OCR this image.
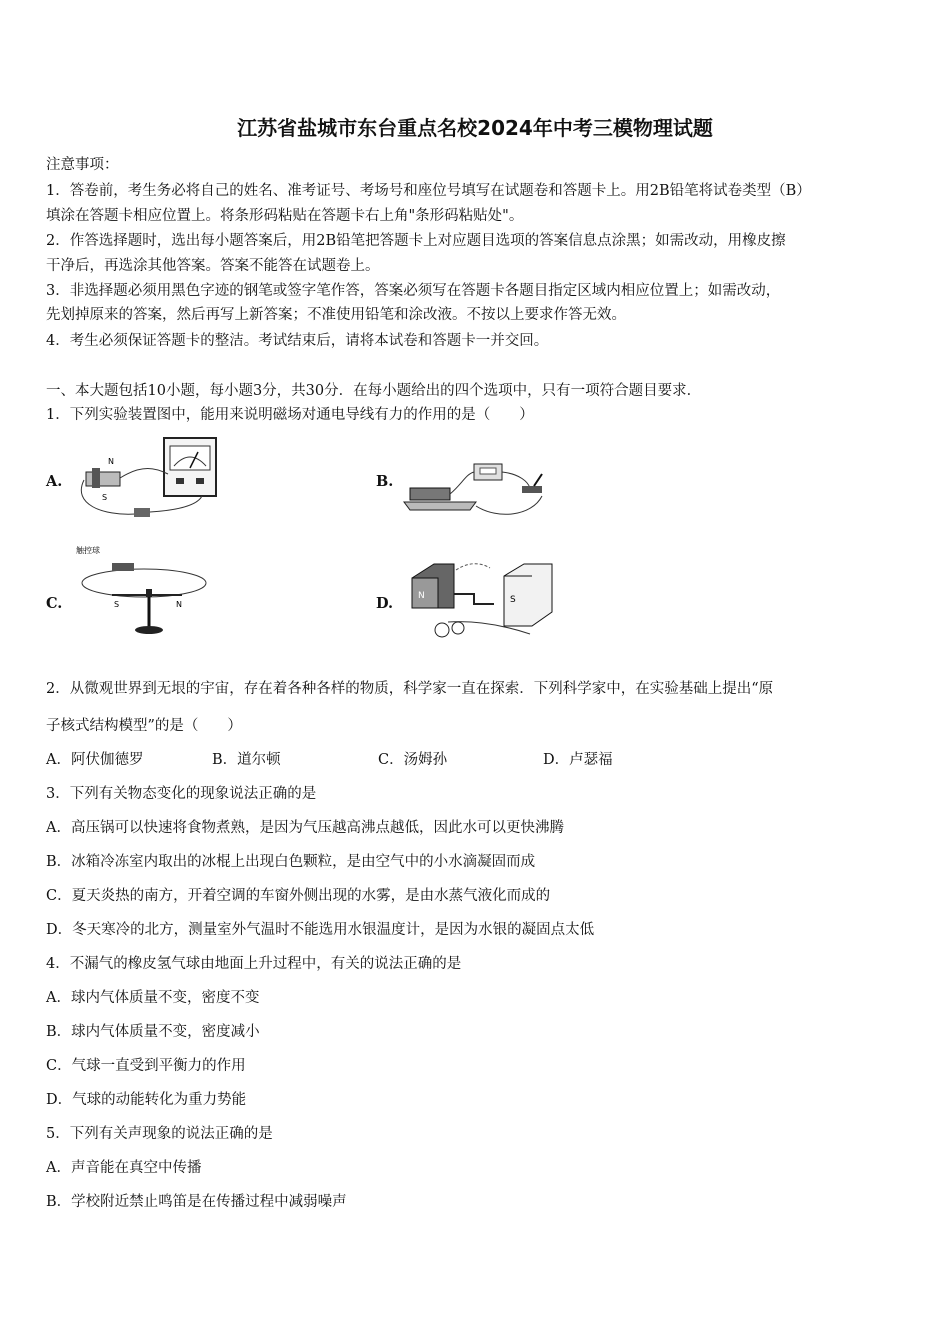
江苏省盐城市东台重点名校2024年中考三模物理试题
注意事项：
1．答卷前，考生务必将自己的姓名、准考证号、考场号和座位号填写在试题卷和答题卡上。用2B铅笔将试卷类型（B）
填涂在答题卡相应位置上。将条形码粘贴在答题卡右上角"条形码粘贴处"。
2．作答选择题时，选出每小题答案后，用2B铅笔把答题卡上对应题目选项的答案信息点涂黑；如需改动，用橡皮擦
干净后，再选涂其他答案。答案不能答在试题卷上。
3．非选择题必须用黑色字迹的钢笔或签字笔作答，答案必须写在答题卡各题目指定区域内相应位置上；如需改动，
先划掉原来的答案，然后再写上新答案；不准使用铅笔和涂改液。不按以上要求作答无效。
4．考生必须保证答题卡的整洁。考试结束后，请将本试卷和答题卡一并交回。
一、本大题包括10小题，每小题3分，共30分．在每小题给出的四个选项中，只有一项符合题目要求．
1．下列实验装置图中，能用来说明磁场对通电导线有力的作用的是（　　）
A.
N
S
B.
C.
触控球
S	N	D.	N	S
2．从微观世界到无垠的宇宙，存在着各种各样的物质，科学家一直在探索．下列科学家中，在实验基础上提出“原
子核式结构模型”的是（　　）
A．阿伏伽德罗	B．道尔顿	C．汤姆孙	D．卢瑟福
3．下列有关物态变化的现象说法正确的是
A．高压锅可以快速将食物煮熟，是因为气压越高沸点越低，因此水可以更快沸腾
B．冰箱冷冻室内取出的冰棍上出现白色颗粒，是由空气中的小水滴凝固而成
C．夏天炎热的南方，开着空调的车窗外侧出现的水雾，是由水蒸气液化而成的
D．冬天寒冷的北方，测量室外气温时不能选用水银温度计，是因为水银的凝固点太低
4．不漏气的橡皮氢气球由地面上升过程中，有关的说法正确的是
A．球内气体质量不变，密度不变
B．球内气体质量不变，密度减小
C．气球一直受到平衡力的作用
D．气球的动能转化为重力势能
5．下列有关声现象的说法正确的是
A．声音能在真空中传播
B．学校附近禁止鸣笛是在传播过程中减弱噪声
